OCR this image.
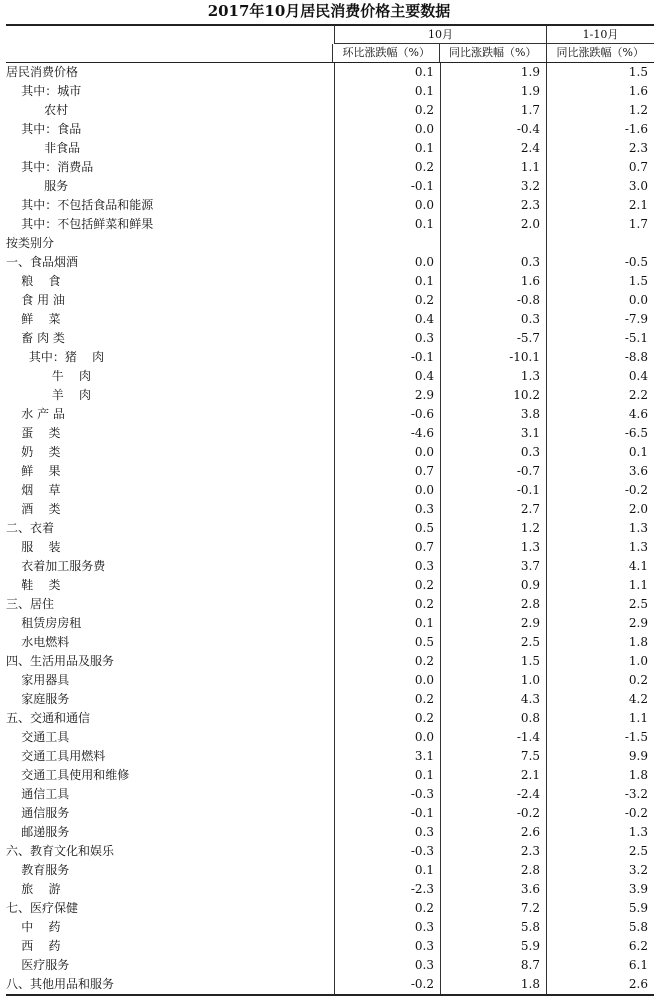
2017年10月居民消费价格主要数据
10月	1-10月
环比涨跌幅（%）	同比涨跌幅（%）	同比涨跌幅（%）
居民消费价格	0.1	1.9	1.5
其中：城市	0.1	1.9	1.6
农村	0.2	1.7	1.2
其中：食品	0.0	-0.4	-1.6
非食品	0.1	2.4	2.3
其中：消费品	0.2	1.1	0.7
服务	-0.1	3.2	3.0
其中：不包括食品和能源	0.0	2.3	2.1
其中：不包括鲜菜和鲜果	0.1	2.0	1.7
按类别分
一、食品烟酒	0.0	0.3	-0.5
粮    食	0.1	1.6	1.5
食 用 油	0.2	-0.8	0.0
鲜    菜	0.4	0.3	-7.9
畜 肉 类	0.3	-5.7	-5.1
其中：猪    肉	-0.1	-10.1	-8.8
牛    肉	0.4	1.3	0.4
羊    肉	2.9	10.2	2.2
水 产 品	-0.6	3.8	4.6
蛋    类	-4.6	3.1	-6.5
奶    类	0.0	0.3	0.1
鲜    果	0.7	-0.7	3.6
烟    草	0.0	-0.1	-0.2
酒    类	0.3	2.7	2.0
二、衣着	0.5	1.2	1.3
服    装	0.7	1.3	1.3
衣着加工服务费	0.3	3.7	4.1
鞋    类	0.2	0.9	1.1
三、居住	0.2	2.8	2.5
租赁房房租	0.1	2.9	2.9
水电燃料	0.5	2.5	1.8
四、生活用品及服务	0.2	1.5	1.0
家用器具	0.0	1.0	0.2
家庭服务	0.2	4.3	4.2
五、交通和通信	0.2	0.8	1.1
交通工具	0.0	-1.4	-1.5
交通工具用燃料	3.1	7.5	9.9
交通工具使用和维修	0.1	2.1	1.8
通信工具	-0.3	-2.4	-3.2
通信服务	-0.1	-0.2	-0.2
邮递服务	0.3	2.6	1.3
六、教育文化和娱乐	-0.3	2.3	2.5
教育服务	0.1	2.8	3.2
旅    游	-2.3	3.6	3.9
七、医疗保健	0.2	7.2	5.9
中    药	0.3	5.8	5.8
西    药	0.3	5.9	6.2
医疗服务	0.3	8.7	6.1
八、其他用品和服务	-0.2	1.8	2.6
